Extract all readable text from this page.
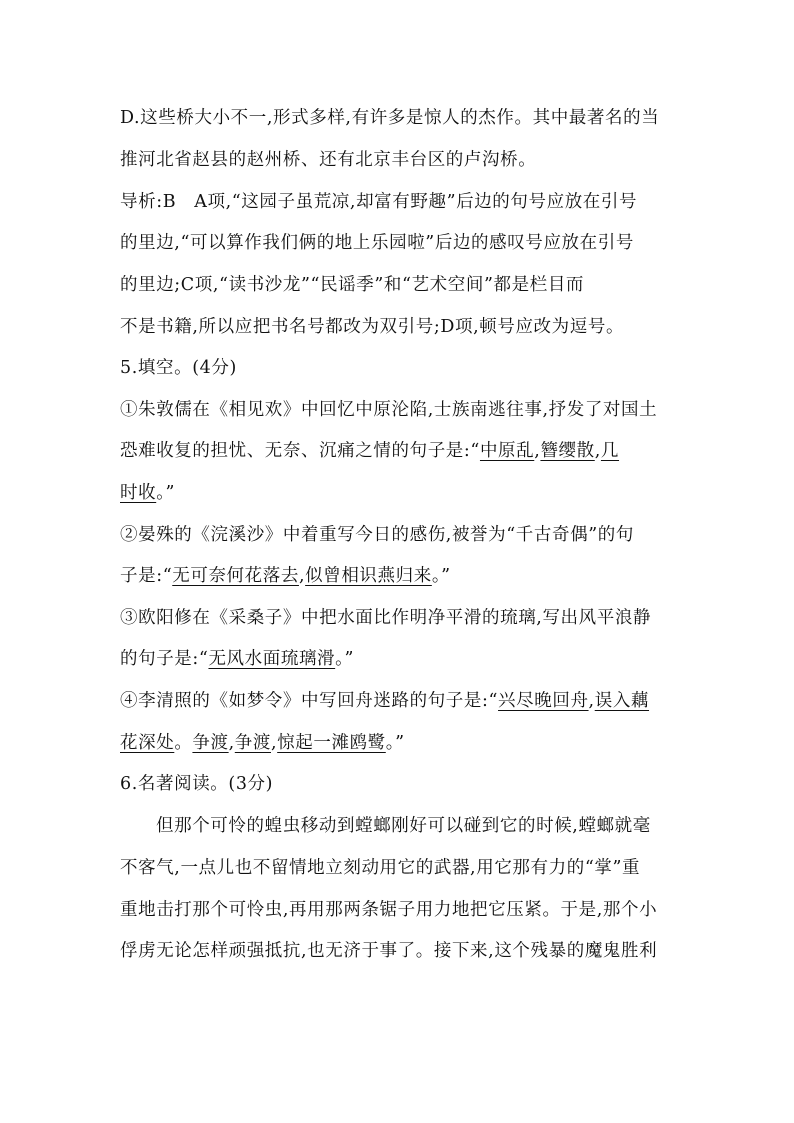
D.这些桥大小不一,形式多样,有许多是惊人的杰作。其中最著名的当
推河北省赵县的赵州桥、还有北京丰台区的卢沟桥。
导析:B　A项,“这园子虽荒凉,却富有野趣”后边的句号应放在引号
的里边,“可以算作我们俩的地上乐园啦”后边的感叹号应放在引号
的里边;C项,“读书沙龙”“民谣季”和“艺术空间”都是栏目而
不是书籍,所以应把书名号都改为双引号;D项,顿号应改为逗号。
5.填空。(4分)
①朱敦儒在《相见欢》中回忆中原沦陷,士族南逃往事,抒发了对国土
恐难收复的担忧、无奈、沉痛之情的句子是:“中原乱,簪缨散,几
时收。”
②晏殊的《浣溪沙》中着重写今日的感伤,被誉为“千古奇偶”的句
子是:“无可奈何花落去,似曾相识燕归来。”
③欧阳修在《采桑子》中把水面比作明净平滑的琉璃,写出风平浪静
的句子是:“无风水面琉璃滑。”
④李清照的《如梦令》中写回舟迷路的句子是:“兴尽晚回舟,误入藕
花深处。争渡,争渡,惊起一滩鸥鹭。”
6.名著阅读。(3分)
但那个可怜的蝗虫移动到螳螂刚好可以碰到它的时候,螳螂就毫
不客气,一点儿也不留情地立刻动用它的武器,用它那有力的“掌”重
重地击打那个可怜虫,再用那两条锯子用力地把它压紧。于是,那个小
俘虏无论怎样顽强抵抗,也无济于事了。接下来,这个残暴的魔鬼胜利
